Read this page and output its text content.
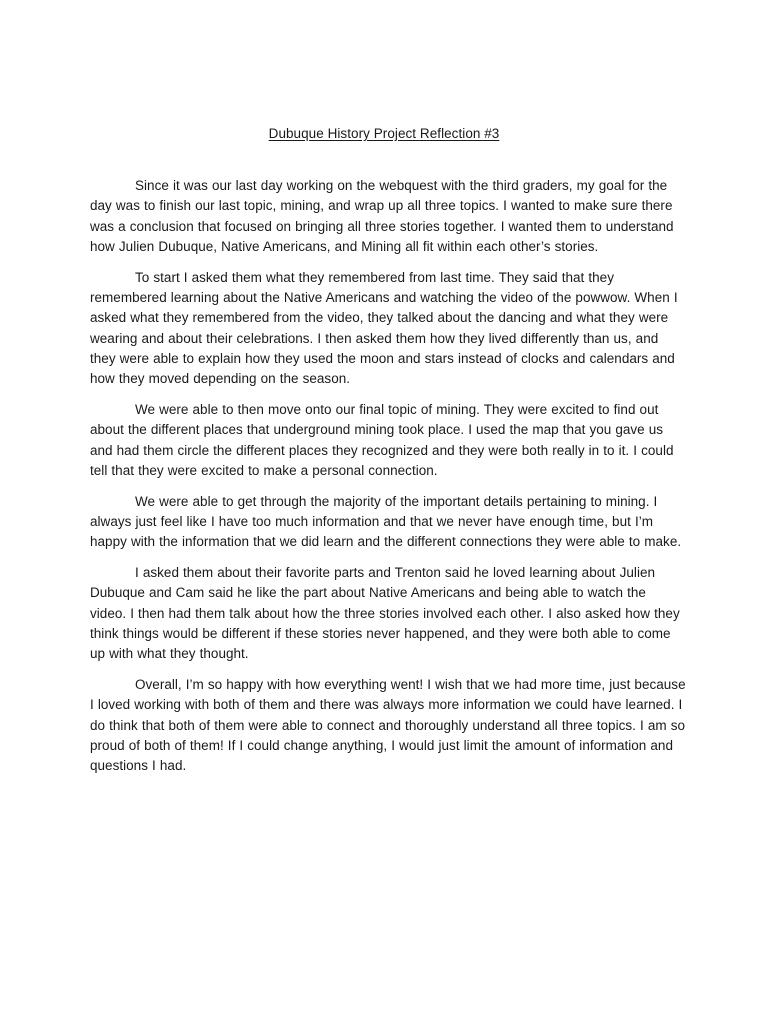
Dubuque History Project Reflection #3

Since it was our last day working on the webquest with the third graders, my goal for the day was to finish our last topic, mining, and wrap up all three topics. I wanted to make sure there was a conclusion that focused on bringing all three stories together. I wanted them to understand how Julien Dubuque, Native Americans, and Mining all fit within each other’s stories.

To start I asked them what they remembered from last time. They said that they remembered learning about the Native Americans and watching the video of the powwow. When I asked what they remembered from the video, they talked about the dancing and what they were wearing and about their celebrations. I then asked them how they lived differently than us, and they were able to explain how they used the moon and stars instead of clocks and calendars and how they moved depending on the season.

We were able to then move onto our final topic of mining. They were excited to find out about the different places that underground mining took place. I used the map that you gave us and had them circle the different places they recognized and they were both really in to it. I could tell that they were excited to make a personal connection.

We were able to get through the majority of the important details pertaining to mining. I always just feel like I have too much information and that we never have enough time, but I’m happy with the information that we did learn and the different connections they were able to make.

I asked them about their favorite parts and Trenton said he loved learning about Julien Dubuque and Cam said he like the part about Native Americans and being able to watch the video. I then had them talk about how the three stories involved each other. I also asked how they think things would be different if these stories never happened, and they were both able to come up with what they thought.

Overall, I’m so happy with how everything went! I wish that we had more time, just because I loved working with both of them and there was always more information we could have learned. I do think that both of them were able to connect and thoroughly understand all three topics. I am so proud of both of them! If I could change anything, I would just limit the amount of information and questions I had.
